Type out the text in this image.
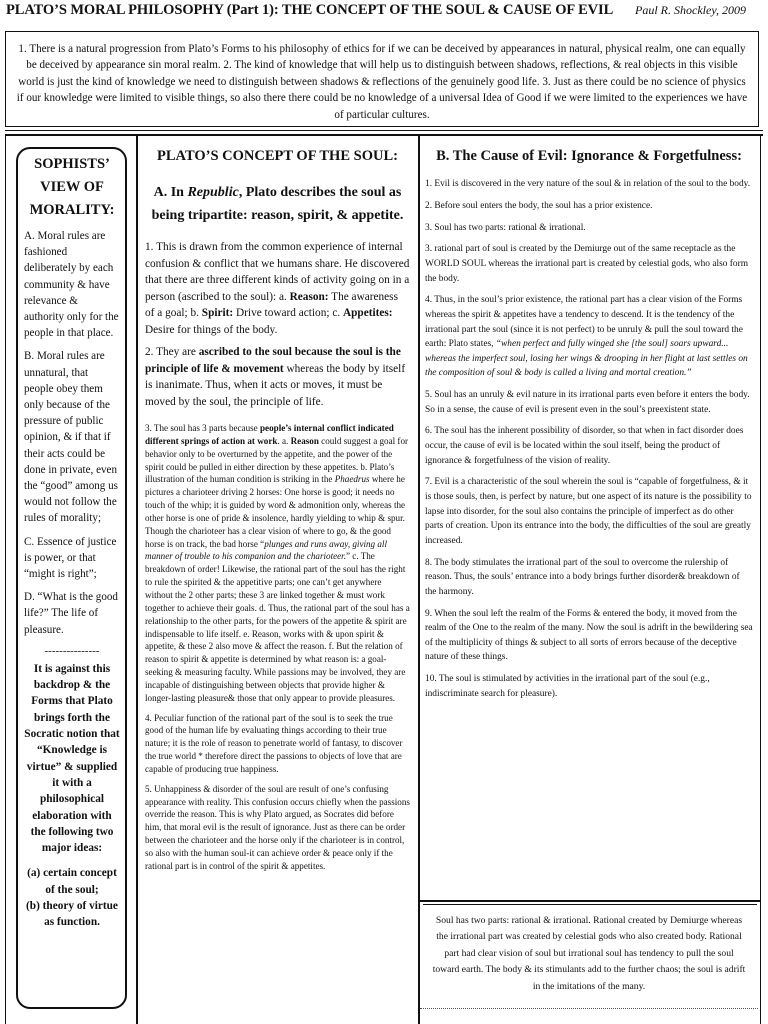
PLATO’S MORAL PHILOSOPHY (Part 1): THE CONCEPT OF THE SOUL & CAUSE OF EVIL Paul R. Shockley, 2009
1. There is a natural progression from Plato’s Forms to his philosophy of ethics for if we can be deceived by appearances in natural, physical realm, one can equally be deceived by appearance sin moral realm. 2. The kind of knowledge that will help us to distinguish between shadows, reflections, & real objects in this visible world is just the kind of knowledge we need to distinguish between shadows & reflections of the genuinely good life. 3. Just as there could be no science of physics if our knowledge were limited to visible things, so also there there could be no knowledge of a universal Idea of Good if we were limited to the experiences we have of particular cultures.
SOPHISTS’ VIEW OF MORALITY:

A. Moral rules are fashioned deliberately by each community & have relevance & authority only for the people in that place.

B. Moral rules are unnatural, that people obey them only because of the pressure of public opinion, & if that if their acts could be done in private, even the “good” among us would not follow the rules of morality;

C. Essence of justice is power, or that “might is right”;

D. “What is the good life?” The life of pleasure.

---------------
It is against this backdrop & the Forms that Plato brings forth the Socratic notion that “Knowledge is virtue” & supplied it with a philosophical elaboration with the following two major ideas:
(a) certain concept of the soul;
(b) theory of virtue as function.
PLATO’S CONCEPT OF THE SOUL:
A. In Republic, Plato describes the soul as being tripartite: reason, spirit, & appetite.

1. This is drawn from the common experience of internal confusion & conflict that we humans share. He discovered that there are three different kinds of activity going on in a person (ascribed to the soul): a. Reason: The awareness of a goal; b. Spirit: Drive toward action; c. Appetites: Desire for things of the body.

2. They are ascribed to the soul because the soul is the principle of life & movement whereas the body by itself is inanimate. Thus, when it acts or moves, it must be moved by the soul, the principle of life.

3. The soul has 3 parts because people’s internal conflict indicated different springs of action at work. a. Reason could suggest a goal for behavior only to be overturned by the appetite, and the power of the spirit could be pulled in either direction by these appetites. b. Plato’s illustration of the human condition is striking in the Phaedrus where he pictures a charioteer driving 2 horses: One horse is good; it needs no touch of the whip; it is guided by word & admonition only, whereas the other horse is one of pride & insolence, hardly yielding to whip & spur. Though the charioteer has a clear vision of where to go, & the good horse is on track, the bad horse “plunges and runs away, giving all manner of trouble to his companion and the charioteer.” c. The breakdown of order! Likewise, the rational part of the soul has the right to rule the spirited & the appetitive parts; one can’t get anywhere without the 2 other parts; these 3 are linked together & must work together to achieve their goals. d. Thus, the rational part of the soul has a relationship to the other parts, for the powers of the appetite & spirit are indispensable to life itself. e. Reason, works with & upon spirit & appetite, & these 2 also move & affect the reason. f. But the relation of reason to spirit & appetite is determined by what reason is: a goal-seeking & measuring faculty. While passions may be involved, they are incapable of distinguishing between objects that provide higher & longer-lasting pleasure& those that only appear to provide pleasures.

4. Peculiar function of the rational part of the soul is to seek the true good of the human life by evaluating things according to their true nature; it is the role of reason to penetrate world of fantasy, to discover the true world * therefore direct the passions to objects of love that are capable of producing true happiness.

5. Unhappiness & disorder of the soul are result of one’s confusing appearance with reality. This confusion occurs chiefly when the passions override the reason. This is why Plato argued, as Socrates did before him, that moral evil is the result of ignorance. Just as there can be order between the charioteer and the horse only if the charioteer is in control, so also with the human soul-it can achieve order & peace only if the rational part is in control of the spirit & appetites.

B. The Cause of Evil: Ignorance & Forgetfulness:

1. Evil is discovered in the very nature of the soul & in relation of the soul to the body.

2. Before soul enters the body, the soul has a prior existence.

3. Soul has two parts: rational & irrational.

3. rational part of soul is created by the Demiurge out of the same receptacle as the WORLD SOUL whereas the irrational part is created by celestial gods, who also form the body.

4. Thus, in the soul’s prior existence, the rational part has a clear vision of the Forms whereas the spirit & appetites have a tendency to descend. It is the tendency of the irrational part the soul (since it is not perfect) to be unruly & pull the soul toward the earth: Plato states, “when perfect and fully winged she [the soul] soars upward... whereas the imperfect soul, losing her wings & drooping in her flight at last settles on the composition of soul & body is called a living and mortal creation.”

5. Soul has an unruly & evil nature in its irrational parts even before it enters the body. So in a sense, the cause of evil is present even in the soul’s preexistent state.

6. The soul has the inherent possibility of disorder, so that when in fact disorder does occur, the cause of evil is be located within the soul itself, being the product of ignorance & forgetfulness of the vision of reality.

7. Evil is a characteristic of the soul wherein the soul is “capable of forgetfulness, & it is those souls, then, is perfect by nature, but one aspect of its nature is the possibility to lapse into disorder, for the soul also contains the principle of imperfect as do other parts of creation. Upon its entrance into the body, the difficulties of the soul are greatly increased.

8. The body stimulates the irrational part of the soul to overcome the rulership of reason. Thus, the souls’ entrance into a body brings further disorder& breakdown of the harmony.

9. When the soul left the realm of the Forms & entered the body, it moved from the realm of the One to the realm of the many. Now the soul is adrift in the bewildering sea of the multiplicity of things & subject to all sorts of errors because of the deceptive nature of these things.

10. The soul is stimulated by activities in the irrational part of the soul (e.g., indiscriminate search for pleasure).

Soul has two parts: rational & irrational. Rational created by Demiurge whereas the irrational part was created by celestial gods who also created body. Rational part had clear vision of soul but irrational soul has tendency to pull the soul toward earth. The body & its stimulants add to the further chaos; the soul is adrift in the imitations of the many.
